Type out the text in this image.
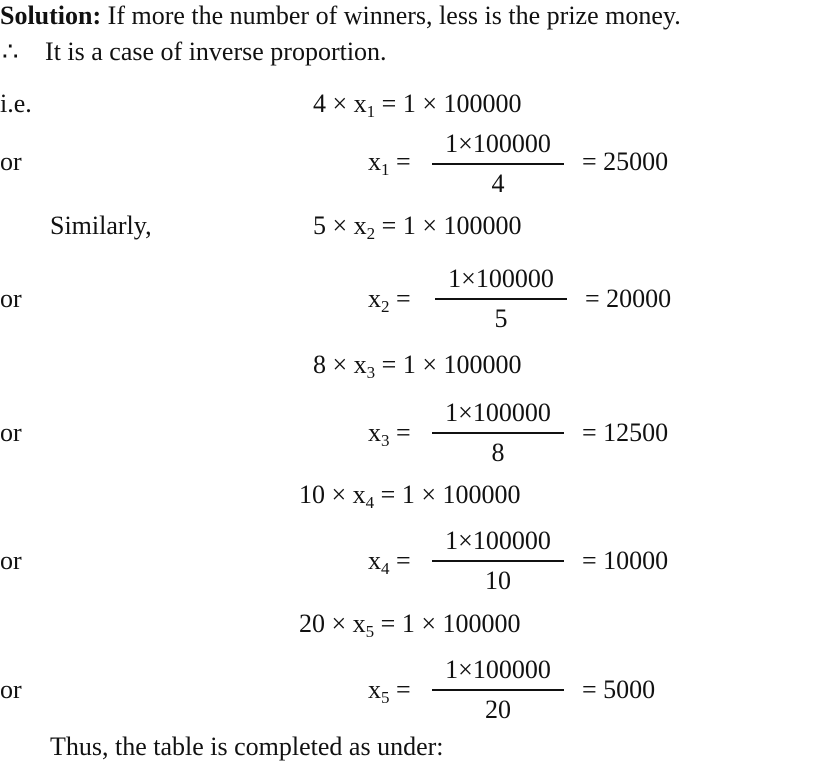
Solution: If more the number of winners, less is the prize money.
∴ It is a case of inverse proportion.
i.e.	$4 \times x_1 = 1 \times 100000$
or	$x_1$ =
1×100000
4
= 25000
Similarly,	$5 \times x_2 = 1 \times 100000$
or	$x_2$ =
1×100000
5
= 20000
$8 \times x_3 = 1 \times 100000$
or	$x_3$ =
1×100000
8
= 12500
$10 \times x_4 = 1 \times 100000$
or	$x_4$ =
1×100000
10
= 10000
$20 \times x_5 = 1 \times 100000$
or	$x_5$ =
1×100000
20
= 5000
Thus, the table is completed as under:
